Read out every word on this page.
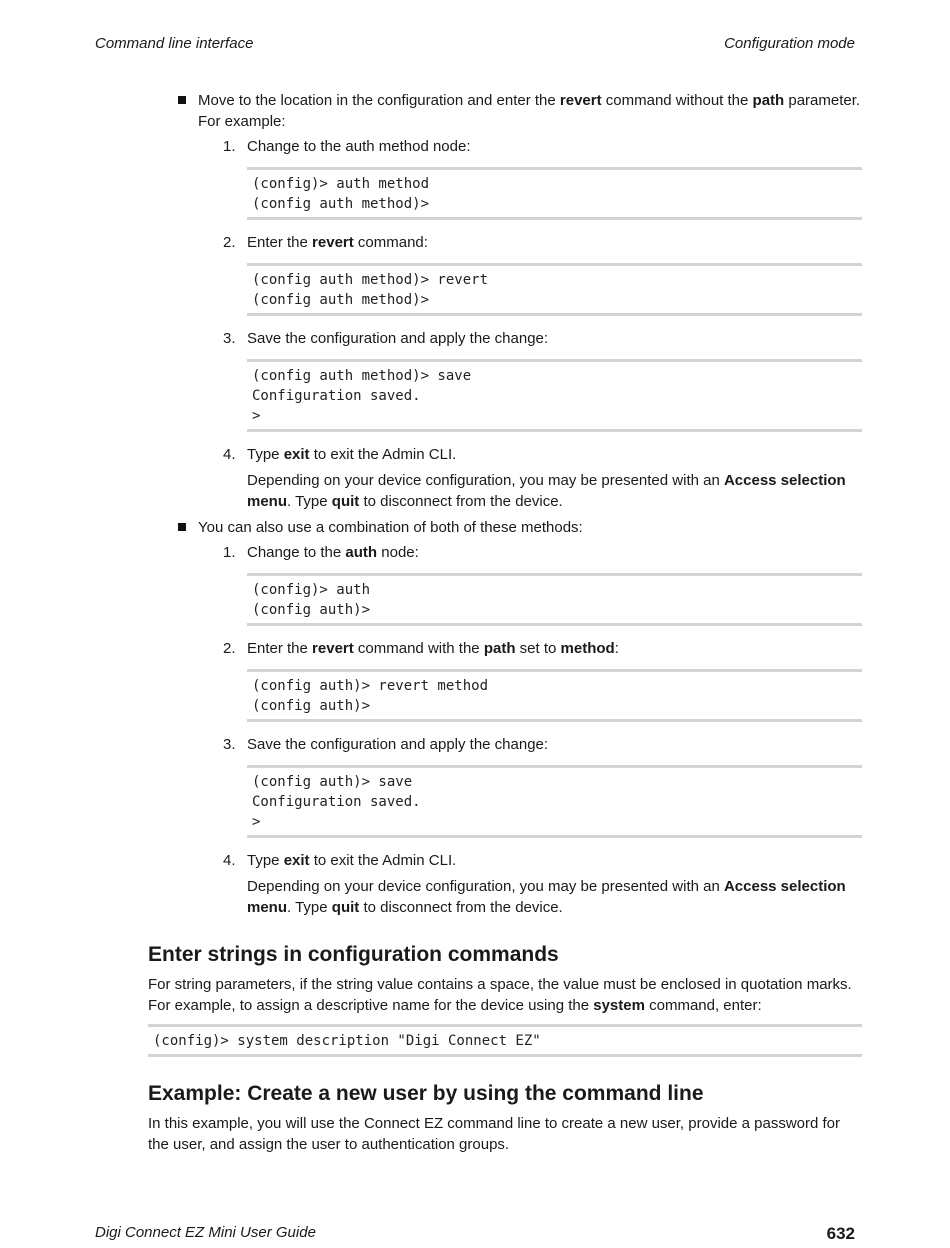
Command line interface	Configuration mode
Move to the location in the configuration and enter the revert command without the path parameter. For example:
1. Change to the auth method node:

(config)> auth method
(config auth method)>
2. Enter the revert command:

(config auth method)> revert
(config auth method)>
3. Save the configuration and apply the change:

(config auth method)> save
Configuration saved.
>
4. Type exit to exit the Admin CLI.

Depending on your device configuration, you may be presented with an Access selection menu. Type quit to disconnect from the device.

You can also use a combination of both of these methods:
1. Change to the auth node:

(config)> auth
(config auth)>
2. Enter the revert command with the path set to method:

(config auth)> revert method
(config auth)>
3. Save the configuration and apply the change:

(config auth)> save
Configuration saved.
>
4. Type exit to exit the Admin CLI.

Depending on your device configuration, you may be presented with an Access selection menu. Type quit to disconnect from the device.

Enter strings in configuration commands

For string parameters, if the string value contains a space, the value must be enclosed in quotation marks. For example, to assign a descriptive name for the device using the system command, enter:

(config)> system description "Digi Connect EZ"
Example: Create a new user by using the command line

In this example, you will use the Connect EZ command line to create a new user, provide a password for the user, and assign the user to authentication groups.

Digi Connect EZ Mini User Guide	632
